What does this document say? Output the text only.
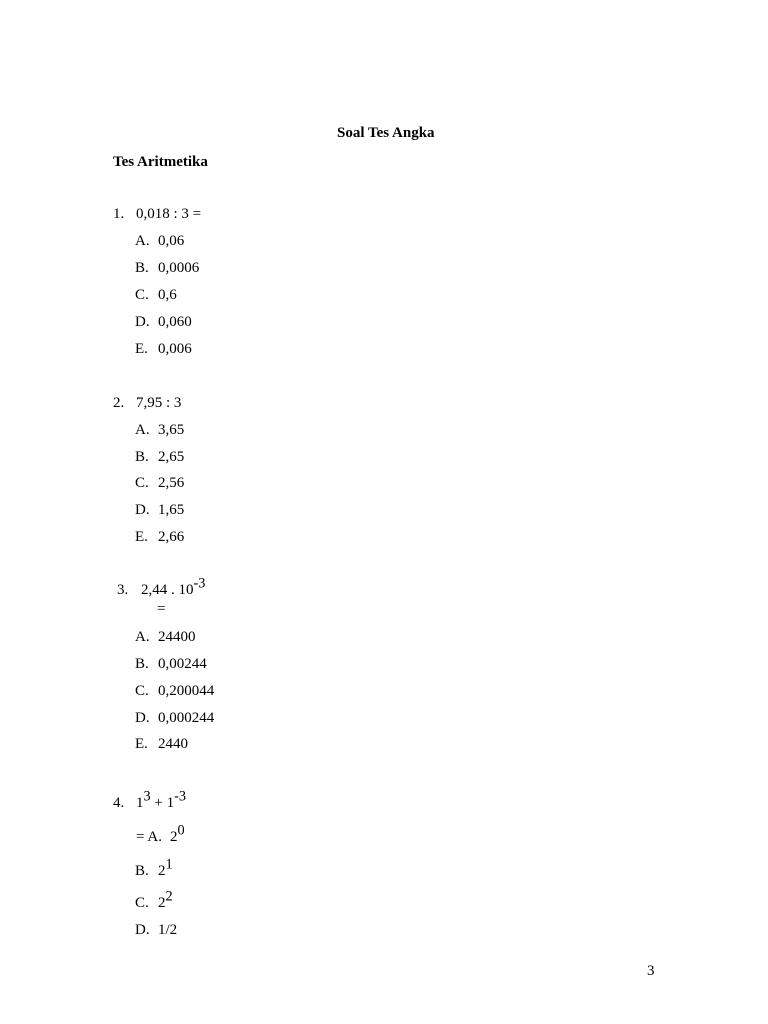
Soal Tes Angka
Tes Aritmetika
1. 0,018 : 3 =
A. 0,06
B. 0,0006
C. 0,6
D. 0,060
E. 0,006
2. 7,95 : 3
A. 3,65
B. 2,65
C. 2,56
D. 1,65
E. 2,66
3. 2,44 . $10^{-3}$
=
A. 24400
B. 0,00244
C. 0,200044
D. 0,000244
E. 2440
4. $1^3 + 1^{-3}$
= A. $2^0$
B. $2^1$
C. $2^2$
D. 1/2
3
